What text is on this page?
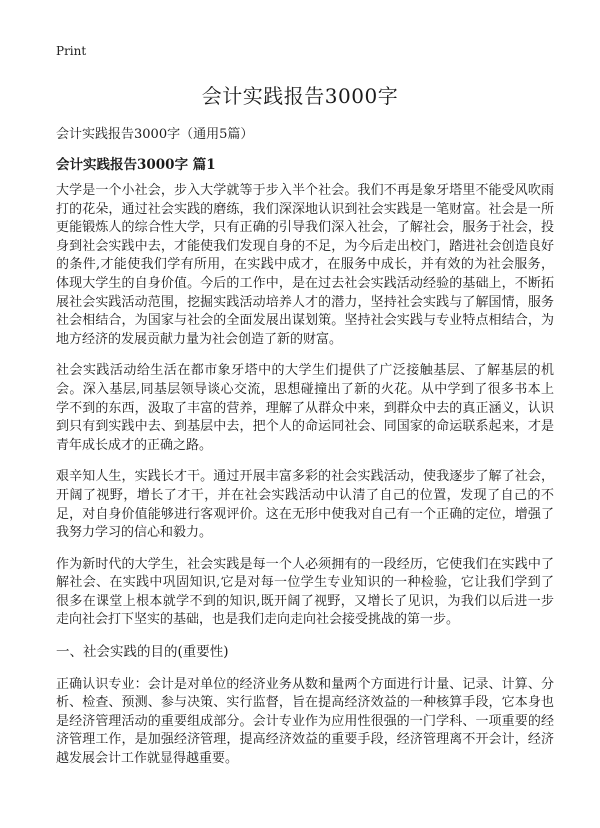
Print
会计实践报告3000字

会计实践报告3000字（通用5篇）

会计实践报告3000字 篇1

大学是一个小社会，步入大学就等于步入半个社会。我们不再是象牙塔里不能受风吹雨打的花朵，通过社会实践的磨练，我们深深地认识到社会实践是一笔财富。社会是一所更能锻炼人的综合性大学，只有正确的引导我们深入社会，了解社会，服务于社会，投身到社会实践中去，才能使我们发现自身的不足，为今后走出校门，踏进社会创造良好的条件,才能使我们学有所用，在实践中成才，在服务中成长，并有效的为社会服务，体现大学生的自身价值。今后的工作中，是在过去社会实践活动经验的基础上，不断拓展社会实践活动范围，挖掘实践活动培养人才的潜力，坚持社会实践与了解国情，服务社会相结合，为国家与社会的全面发展出谋划策。坚持社会实践与专业特点相结合，为地方经济的发展贡献力量为社会创造了新的财富。

社会实践活动给生活在都市象牙塔中的大学生们提供了广泛接触基层、了解基层的机会。深入基层,同基层领导谈心交流，思想碰撞出了新的火花。从中学到了很多书本上学不到的东西，汲取了丰富的营养，理解了从群众中来，到群众中去的真正涵义，认识到只有到实践中去、到基层中去，把个人的命运同社会、同国家的命运联系起来，才是青年成长成才的正确之路。

艰辛知人生，实践长才干。通过开展丰富多彩的社会实践活动，使我逐步了解了社会，开阔了视野，增长了才干，并在社会实践活动中认清了自己的位置，发现了自己的不足，对自身价值能够进行客观评价。这在无形中使我对自己有一个正确的定位，增强了我努力学习的信心和毅力。

作为新时代的大学生，社会实践是每一个人必须拥有的一段经历，它使我们在实践中了解社会、在实践中巩固知识,它是对每一位学生专业知识的一种检验，它让我们学到了很多在课堂上根本就学不到的知识,既开阔了视野，又增长了见识，为我们以后进一步走向社会打下坚实的基础，也是我们走向走向社会接受挑战的第一步。

一、社会实践的目的(重要性)

正确认识专业：会计是对单位的经济业务从数和量两个方面进行计量、记录、计算、分析、检查、预测、参与决策、实行监督，旨在提高经济效益的一种核算手段，它本身也是经济管理活动的重要组成部分。会计专业作为应用性很强的一门学科、一项重要的经济管理工作，是加强经济管理，提高经济效益的重要手段，经济管理离不开会计，经济越发展会计工作就显得越重要。
